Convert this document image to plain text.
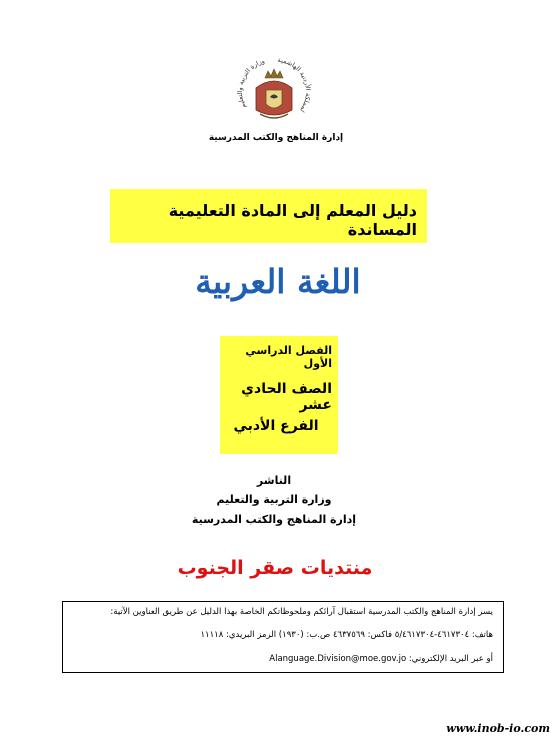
وزارة التربية والتعليم
لمملكة الأردنية الهاشمية
إدارة المناهج والكتب المدرسية
دليل المعلم إلى المادة التعليمية المساندة
اللغة العربية
الفصل الدراسي الأول
الصف الحادي عشر
الفرع الأدبي
الناشر
وزارة التربية والتعليم
إدارة المناهج والكتب المدرسية
منتديات صقر الجنوب
يسر إدارة المناهج والكتب المدرسية استقبال آرائكم وملحوظاتكم الخاصة بهذا الدليل عن طريق العناوين الآتية:
هاتف: ٤٦١٧٣٠٤-٥/٤٦١٧٣٠٤ فاكس: ٤٦٣٧٥٦٩ ص.ب: (١٩٣٠) الرمز البريدي: ١١١١٨
أو عبر البريد الإلكتروني: Alanguage.Division@moe.gov.jo
www.inob-io.com
